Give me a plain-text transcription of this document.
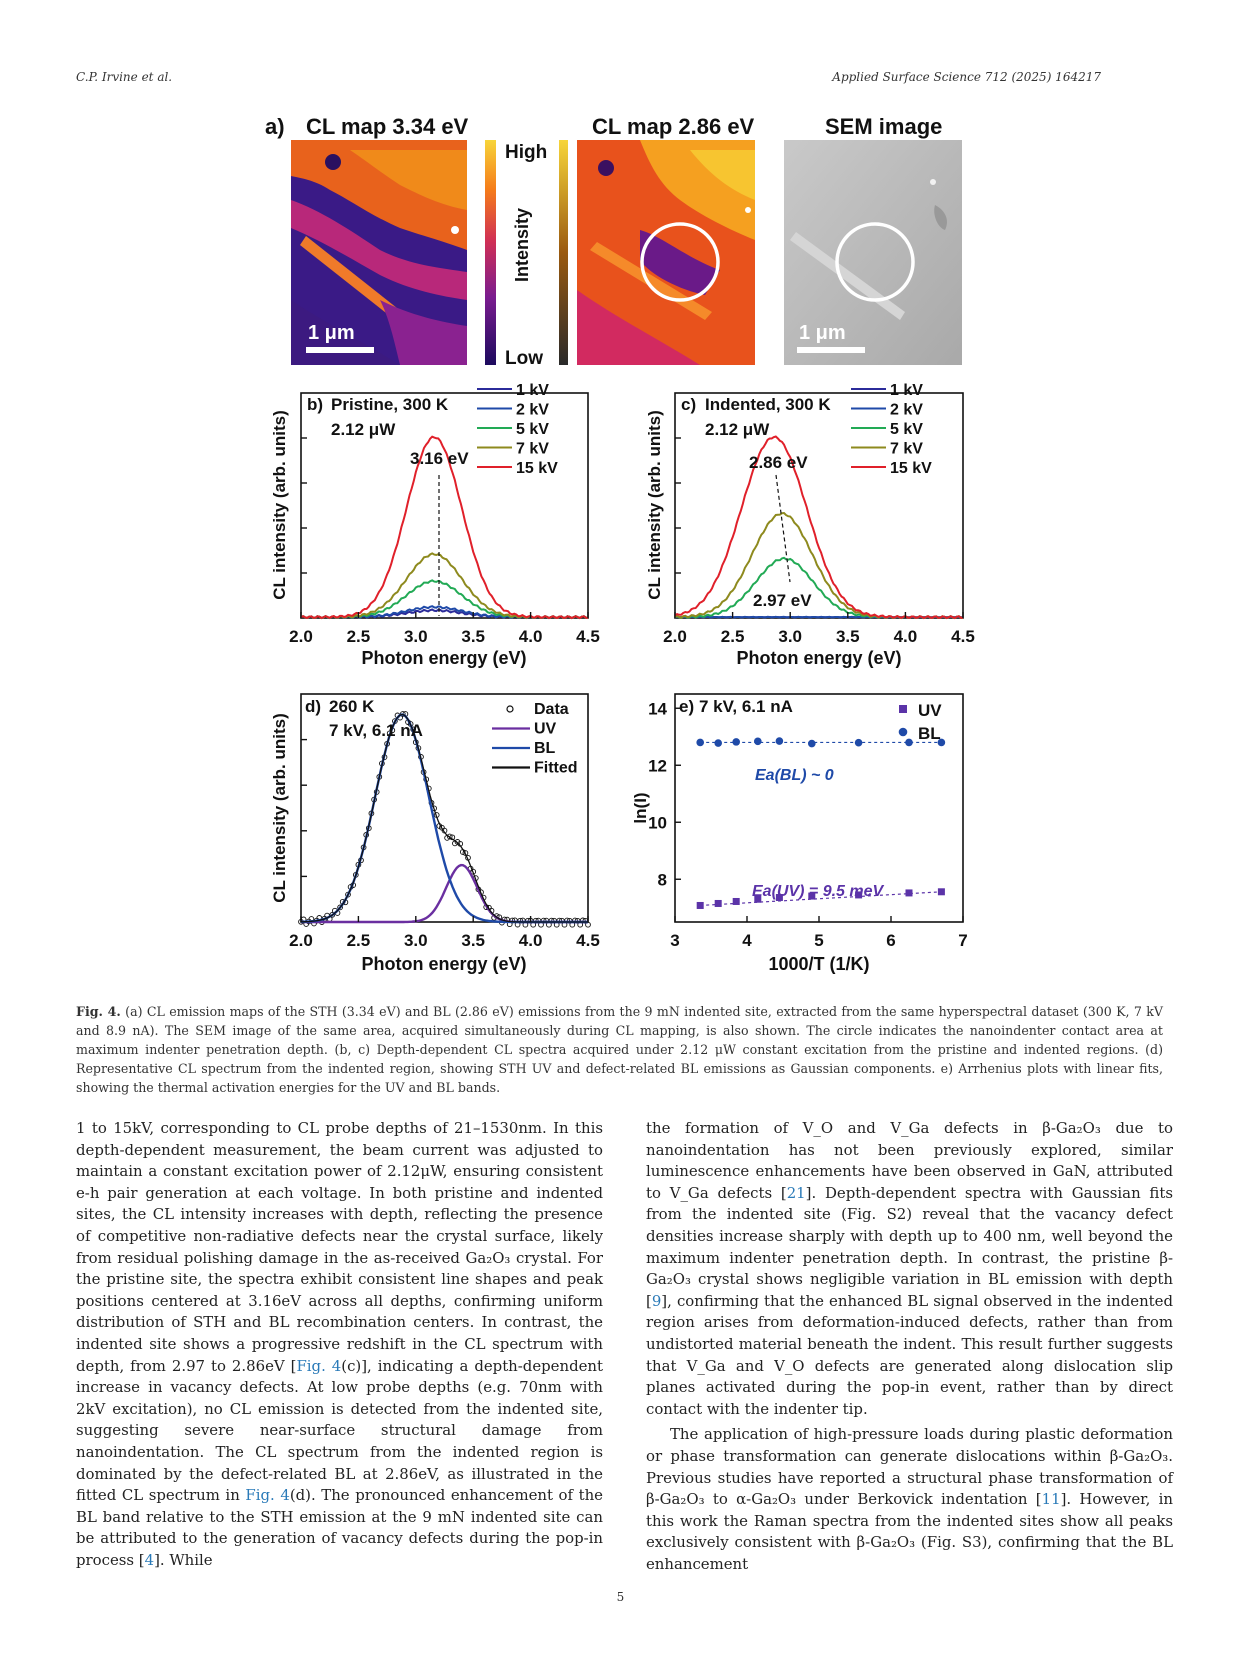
C.P. Irvine et al.	Applied Surface Science 712 (2025) 164217
a) CL map 3.34 eV	CL map 2.86 eV	SEM image
1 μm
High
Low
Intensity
1 μm
2.0 2.5 3.0 3.5 4.0 4.5
b) Pristine, 300 K
2.12 μW
3.16 eV
1 kV
2 kV
5 kV
7 kV
15 kV
CL intensity (arb. units)
Photon energy (eV)
2.0 2.5 3.0 3.5 4.0 4.5
c) Indented, 300 K
2.12 μW
2.86 eV
2.97 eV
1 kV
2 kV
5 kV
7 kV
15 kV
CL intensity (arb. units)
Photon energy (eV)
2.0 2.5 3.0 3.5 4.0 4.5
d) 260 K
7 kV, 6.1 nA
Data
UV
BL
Fitted
CL intensity (arb. units)
Photon energy (eV)
3	4	5	6	7
8
10
12
14 e) 7 kV, 6.1 nA
Ea(BL) ~ 0
Ea(UV) = 9.5 meV
UV
BL
ln(I)
1000/T (1/K)
Fig. 4. (a) CL emission maps of the STH (3.34 eV) and BL (2.86 eV) emissions from the 9 mN indented site, extracted from the same hyperspectral dataset (300 K, 7 kV and 8.9 nA). The SEM image of the same area, acquired simultaneously during CL mapping, is also shown. The circle indicates the nanoindenter contact area at maximum indenter penetration depth. (b, c) Depth-dependent CL spectra acquired under 2.12 μW constant excitation from the pristine and indented regions. (d) Representative CL spectrum from the indented region, showing STH UV and defect-related BL emissions as Gaussian components. e) Arrhenius plots with linear fits, showing the thermal activation energies for the UV and BL bands.

1 to 15kV, corresponding to CL probe depths of 21–1530nm. In this depth-dependent measurement, the beam current was adjusted to maintain a constant excitation power of 2.12μW, ensuring consistent e-h pair generation at each voltage. In both pristine and indented sites, the CL intensity increases with depth, reflecting the presence of competitive non-radiative defects near the crystal surface, likely from residual polishing damage in the as-received Ga₂O₃ crystal. For the pristine site, the spectra exhibit consistent line shapes and peak positions centered at 3.16eV across all depths, confirming uniform distribution of STH and BL recombination centers. In contrast, the indented site shows a progressive redshift in the CL spectrum with depth, from 2.97 to 2.86eV [Fig. 4(c)], indicating a depth-dependent increase in vacancy defects. At low probe depths (e.g. 70nm with 2kV excitation), no CL emission is detected from the indented site, suggesting severe near-surface structural damage from nanoindentation. The CL spectrum from the indented region is dominated by the defect-related BL at 2.86eV, as illustrated in the fitted CL spectrum in Fig. 4(d). The pronounced enhancement of the BL band relative to the STH emission at the 9 mN indented site can be attributed to the generation of vacancy defects during the pop-in process [4]. While

the formation of V_O and V_Ga defects in β-Ga₂O₃ due to nanoindentation has not been previously explored, similar luminescence enhancements have been observed in GaN, attributed to V_Ga defects [21]. Depth-dependent spectra with Gaussian fits from the indented site (Fig. S2) reveal that the vacancy defect densities increase sharply with depth up to 400 nm, well beyond the maximum indenter penetration depth. In contrast, the pristine β-Ga₂O₃ crystal shows negligible variation in BL emission with depth [9], confirming that the enhanced BL signal observed in the indented region arises from deformation-induced defects, rather than from undistorted material beneath the indent. This result further suggests that V_Ga and V_O defects are generated along dislocation slip planes activated during the pop-in event, rather than by direct contact with the indenter tip.

The application of high-pressure loads during plastic deformation or phase transformation can generate dislocations within β-Ga₂O₃. Previous studies have reported a structural phase transformation of β-Ga₂O₃ to α-Ga₂O₃ under Berkovick indentation [11]. However, in this work the Raman spectra from the indented sites show all peaks exclusively consistent with β-Ga₂O₃ (Fig. S3), confirming that the BL enhancement

5
